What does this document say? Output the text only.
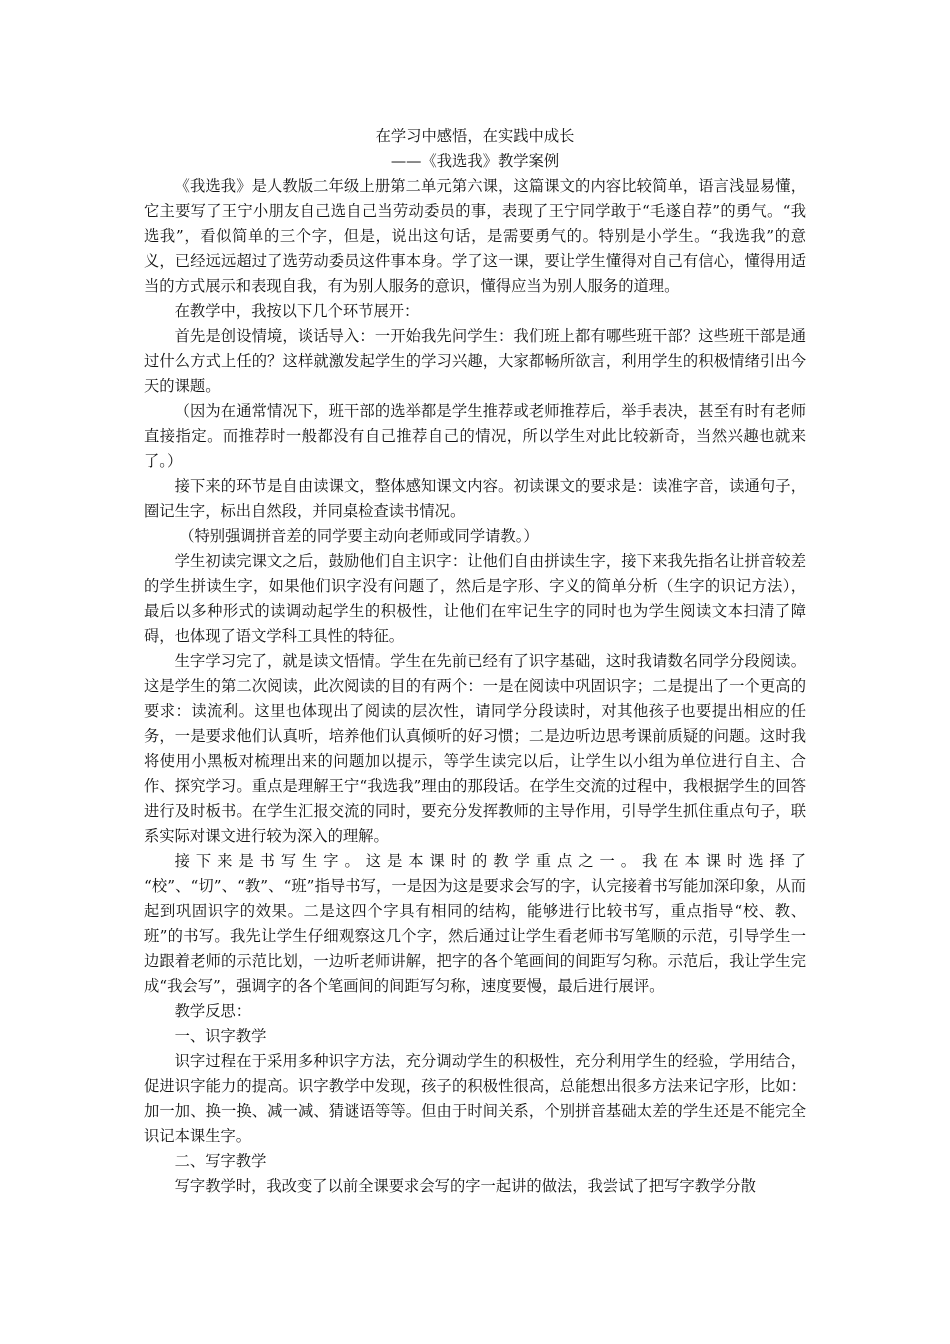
在学习中感悟，在实践中成长

——《我选我》教学案例

《我选我》是人教版二年级上册第二单元第六课，这篇课文的内容比较简单，语言浅显易懂，它主要写了王宁小朋友自己选自己当劳动委员的事，表现了王宁同学敢于“毛遂自荐”的勇气。“我选我”，看似简单的三个字，但是，说出这句话，是需要勇气的。特别是小学生。“我选我”的意义，已经远远超过了选劳动委员这件事本身。学了这一课，要让学生懂得对自己有信心，懂得用适当的方式展示和表现自我，有为别人服务的意识，懂得应当为别人服务的道理。

在教学中，我按以下几个环节展开：

首先是创设情境，谈话导入：一开始我先问学生：我们班上都有哪些班干部？这些班干部是通过什么方式上任的？这样就激发起学生的学习兴趣，大家都畅所欲言，利用学生的积极情绪引出今天的课题。

（因为在通常情况下，班干部的选举都是学生推荐或老师推荐后，举手表决，甚至有时有老师直接指定。而推荐时一般都没有自己推荐自己的情况，所以学生对此比较新奇，当然兴趣也就来了。）

接下来的环节是自由读课文，整体感知课文内容。初读课文的要求是：读准字音，读通句子，圈记生字，标出自然段，并同桌检查读书情况。

（特别强调拼音差的同学要主动向老师或同学请教。）

学生初读完课文之后，鼓励他们自主识字：让他们自由拼读生字，接下来我先指名让拼音较差的学生拼读生字，如果他们识字没有问题了，然后是字形、字义的简单分析（生字的识记方法），最后以多种形式的读调动起学生的积极性，让他们在牢记生字的同时也为学生阅读文本扫清了障碍，也体现了语文学科工具性的特征。

生字学习完了，就是读文悟情。学生在先前已经有了识字基础，这时我请数名同学分段阅读。这是学生的第二次阅读，此次阅读的目的有两个：一是在阅读中巩固识字；二是提出了一个更高的要求：读流利。这里也体现出了阅读的层次性，请同学分段读时，对其他孩子也要提出相应的任务，一是要求他们认真听，培养他们认真倾听的好习惯；二是边听边思考课前质疑的问题。这时我将使用小黑板对梳理出来的问题加以提示，等学生读完以后，让学生以小组为单位进行自主、合作、探究学习。重点是理解王宁“我选我”理由的那段话。在学生交流的过程中，我根据学生的回答进行及时板书。在学生汇报交流的同时，要充分发挥教师的主导作用，引导学生抓住重点句子，联系实际对课文进行较为深入的理解。

接下来是书写生字。这是本课时的教学重点之一。我在本课时选择了 “校”、“切”、“教”、“班”指导书写，一是因为这是要求会写的字，认完接着书写能加深印象，从而起到巩固识字的效果。二是这四个字具有相同的结构，能够进行比较书写，重点指导“校、教、班”的书写。我先让学生仔细观察这几个字，然后通过让学生看老师书写笔顺的示范，引导学生一边跟着老师的示范比划，一边听老师讲解，把字的各个笔画间的间距写匀称。示范后，我让学生完成“我会写”，强调字的各个笔画间的间距写匀称，速度要慢，最后进行展评。

教学反思：

一、识字教学

识字过程在于采用多种识字方法，充分调动学生的积极性，充分利用学生的经验，学用结合，促进识字能力的提高。识字教学中发现，孩子的积极性很高，总能想出很多方法来记字形，比如：加一加、换一换、减一减、猜谜语等等。但由于时间关系，个别拼音基础太差的学生还是不能完全识记本课生字。

二、写字教学

写字教学时，我改变了以前全课要求会写的字一起讲的做法，我尝试了把写字教学分散
